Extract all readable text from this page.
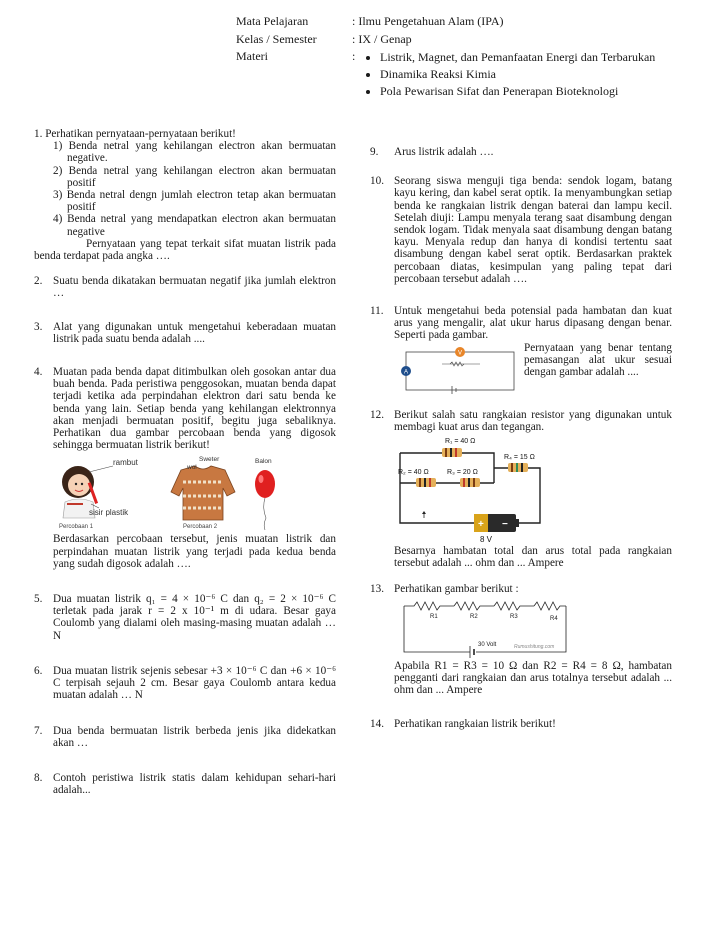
Mata Pelajaran	: Ilmu Pengetahuan Alam (IPA)
Kelas / Semester	: IX / Genap
Materi	:
• Listrik, Magnet, dan Pemanfaatan Energi dan Terbarukan
• Dinamika Reaksi Kimia
• Pola Pewarisan Sifat dan Penerapan Bioteknologi
1. Perhatikan pernyataan-pernyataan berikut!
1) Benda netral yang kehilangan electron akan bermuatan negative.
2) Benda netral yang kehilangan electron akan bermuatan positif
3) Benda netral dengn jumlah electron tetap akan bermuatan positif
4) Benda netral yang mendapatkan electron akan bermuatan negative
Pernyataan yang tepat terkait sifat muatan listrik pada benda terdapat pada angka ….
2. Suatu benda dikatakan bermuatan negatif jika jumlah elektron …
3. Alat yang digunakan untuk mengetahui keberadaan muatan listrik pada suatu benda adalah ....
4. Muatan pada benda dapat ditimbulkan oleh gosokan antar dua buah benda. Pada peristiwa penggosokan, muatan benda dapat terjadi ketika ada perpindahan elektron dari satu benda ke benda yang lain. Setiap benda yang kehilangan elektronnya akan menjadi bermuatan positif, begitu juga sebaliknya. Perhatikan dua gambar percobaan benda yang digosok sehingga bermuatan listrik berikut!
rambut
sisir plastik
Percobaan 1
Sweter
wol
Balon
Percobaan 2
Berdasarkan percobaan tersebut, jenis muatan listrik dan perpindahan muatan listrik yang terjadi pada kedua benda yang sudah digosok adalah ….
5. Dua muatan listrik q₁ = 4 × 10⁻⁶ C dan q₂ = 2 × 10⁻⁶ C terletak pada jarak r = 2 x 10⁻¹ m di udara. Besar gaya Coulomb yang dialami oleh masing-masing muatan adalah … N
6. Dua muatan listrik sejenis sebesar +3 × 10⁻⁶ C dan +6 × 10⁻⁶ C terpisah sejauh 2 cm. Besar gaya Coulomb antara kedua muatan adalah … N
7. Dua benda bermuatan listrik berbeda jenis jika didekatkan akan …
8. Contoh peristiwa listrik statis dalam kehidupan sehari-hari adalah...
9.	Arus listrik adalah ….
10. Seorang siswa menguji tiga benda: sendok logam, batang kayu kering, dan kabel serat optik. Ia menyambungkan setiap benda ke rangkaian listrik dengan baterai dan lampu kecil. Setelah diuji: Lampu menyala terang saat disambung dengan sendok logam. Tidak menyala saat disambung dengan batang kayu. Menyala redup dan hanya di kondisi tertentu saat disambung dengan kabel serat optik. Berdasarkan praktek percobaan diatas, kesimpulan yang paling tepat dari percobaan tersebut adalah ….
11. Untuk mengetahui beda potensial pada hambatan dan kuat arus yang mengalir, alat ukur harus dipasang dengan benar. Seperti pada gambar.
V
A
Pernyataan yang benar tentang pemasangan alat ukur sesuai dengan gambar adalah ....
12. Berikut salah satu rangkaian resistor yang digunakan untuk membagi kuat arus dan tegangan.
R₁ = 40 Ω
R₂ = 40 Ω	R₃ = 20 Ω
R₄ = 15 Ω
+ −
8 V
Besarnya hambatan total dan arus total pada rangkaian tersebut adalah ... ohm dan ... Ampere
13. Perhatikan gambar berikut :
R1	R2	R3	R4
30 Volt	Rumushitung.com
Apabila R1 = R3 = 10 Ω dan R2 = R4 = 8 Ω, hambatan pengganti dari rangkaian dan arus totalnya tersebut adalah ... ohm dan ... Ampere
14. Perhatikan rangkaian listrik berikut!
